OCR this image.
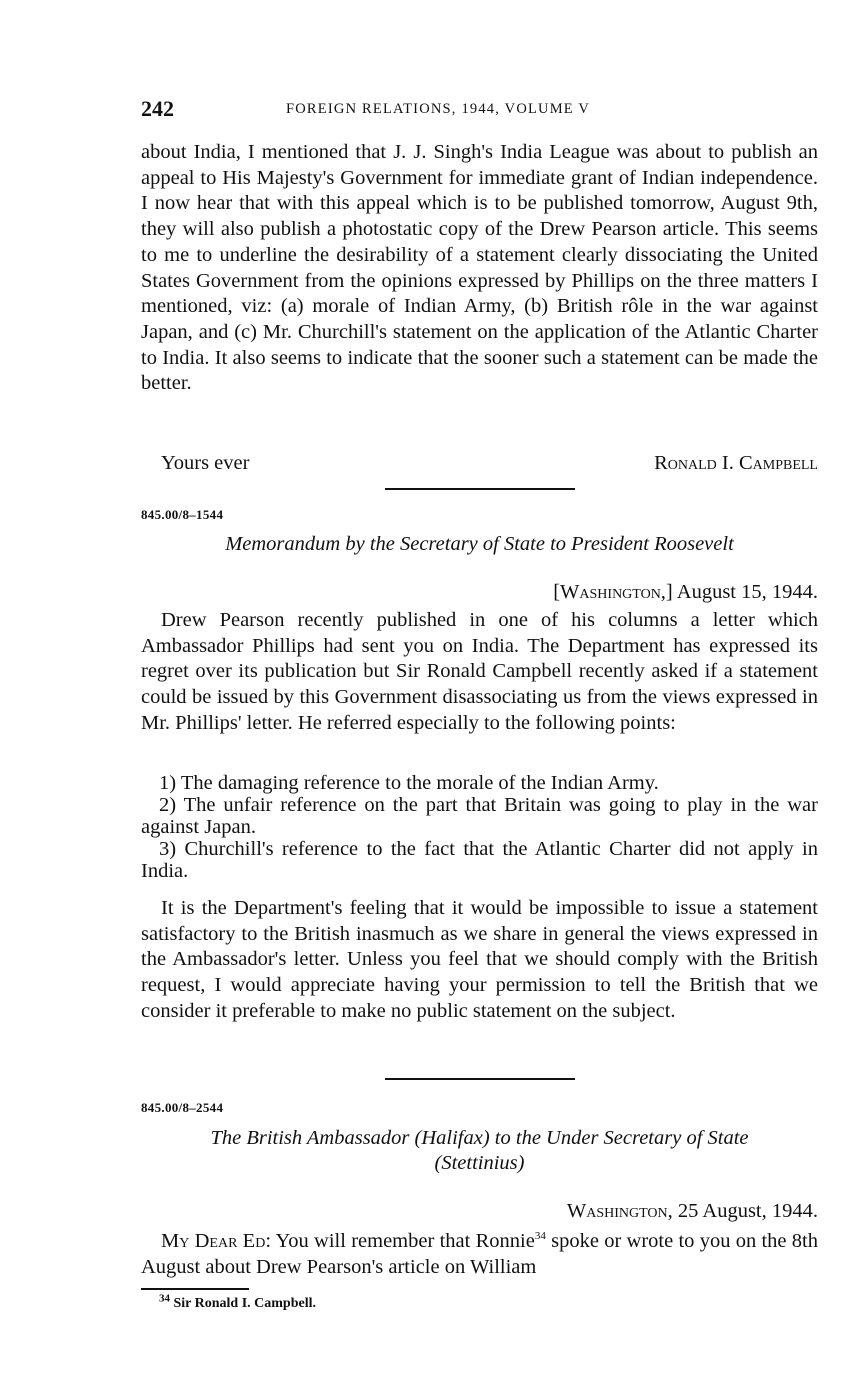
242	FOREIGN RELATIONS, 1944, VOLUME V

about India, I mentioned that J. J. Singh's India League was about to publish an appeal to His Majesty's Government for immediate grant of Indian independence. I now hear that with this appeal which is to be published tomorrow, August 9th, they will also publish a photostatic copy of the Drew Pearson article. This seems to me to underline the desirability of a statement clearly dissociating the United States Government from the opinions expressed by Phillips on the three matters I mentioned, viz: (a) morale of Indian Army, (b) British rôle in the war against Japan, and (c) Mr. Churchill's statement on the application of the Atlantic Charter to India. It also seems to indicate that the sooner such a statement can be made the better.

Yours ever	Ronald I. Campbell
845.00/8–1544
Memorandum by the Secretary of State to President Roosevelt
[Washington,] August 15, 1944.

Drew Pearson recently published in one of his columns a letter which Ambassador Phillips had sent you on India. The Department has expressed its regret over its publication but Sir Ronald Campbell recently asked if a statement could be issued by this Government disassociating us from the views expressed in Mr. Phillips' letter. He referred especially to the following points:

1) The damaging reference to the morale of the Indian Army.
2) The unfair reference on the part that Britain was going to play in the war against Japan.
3) Churchill's reference to the fact that the Atlantic Charter did not apply in India.

It is the Department's feeling that it would be impossible to issue a statement satisfactory to the British inasmuch as we share in general the views expressed in the Ambassador's letter. Unless you feel that we should comply with the British request, I would appreciate having your permission to tell the British that we consider it preferable to make no public statement on the subject.

845.00/8–2544
The British Ambassador (Halifax) to the Under Secretary of State
(Stettinius)
Washington, 25 August, 1944.

My Dear Ed: You will remember that Ronnie$^{34}$ spoke or wrote to you on the 8th August about Drew Pearson's article on William

$^{34}$ Sir Ronald I. Campbell.
